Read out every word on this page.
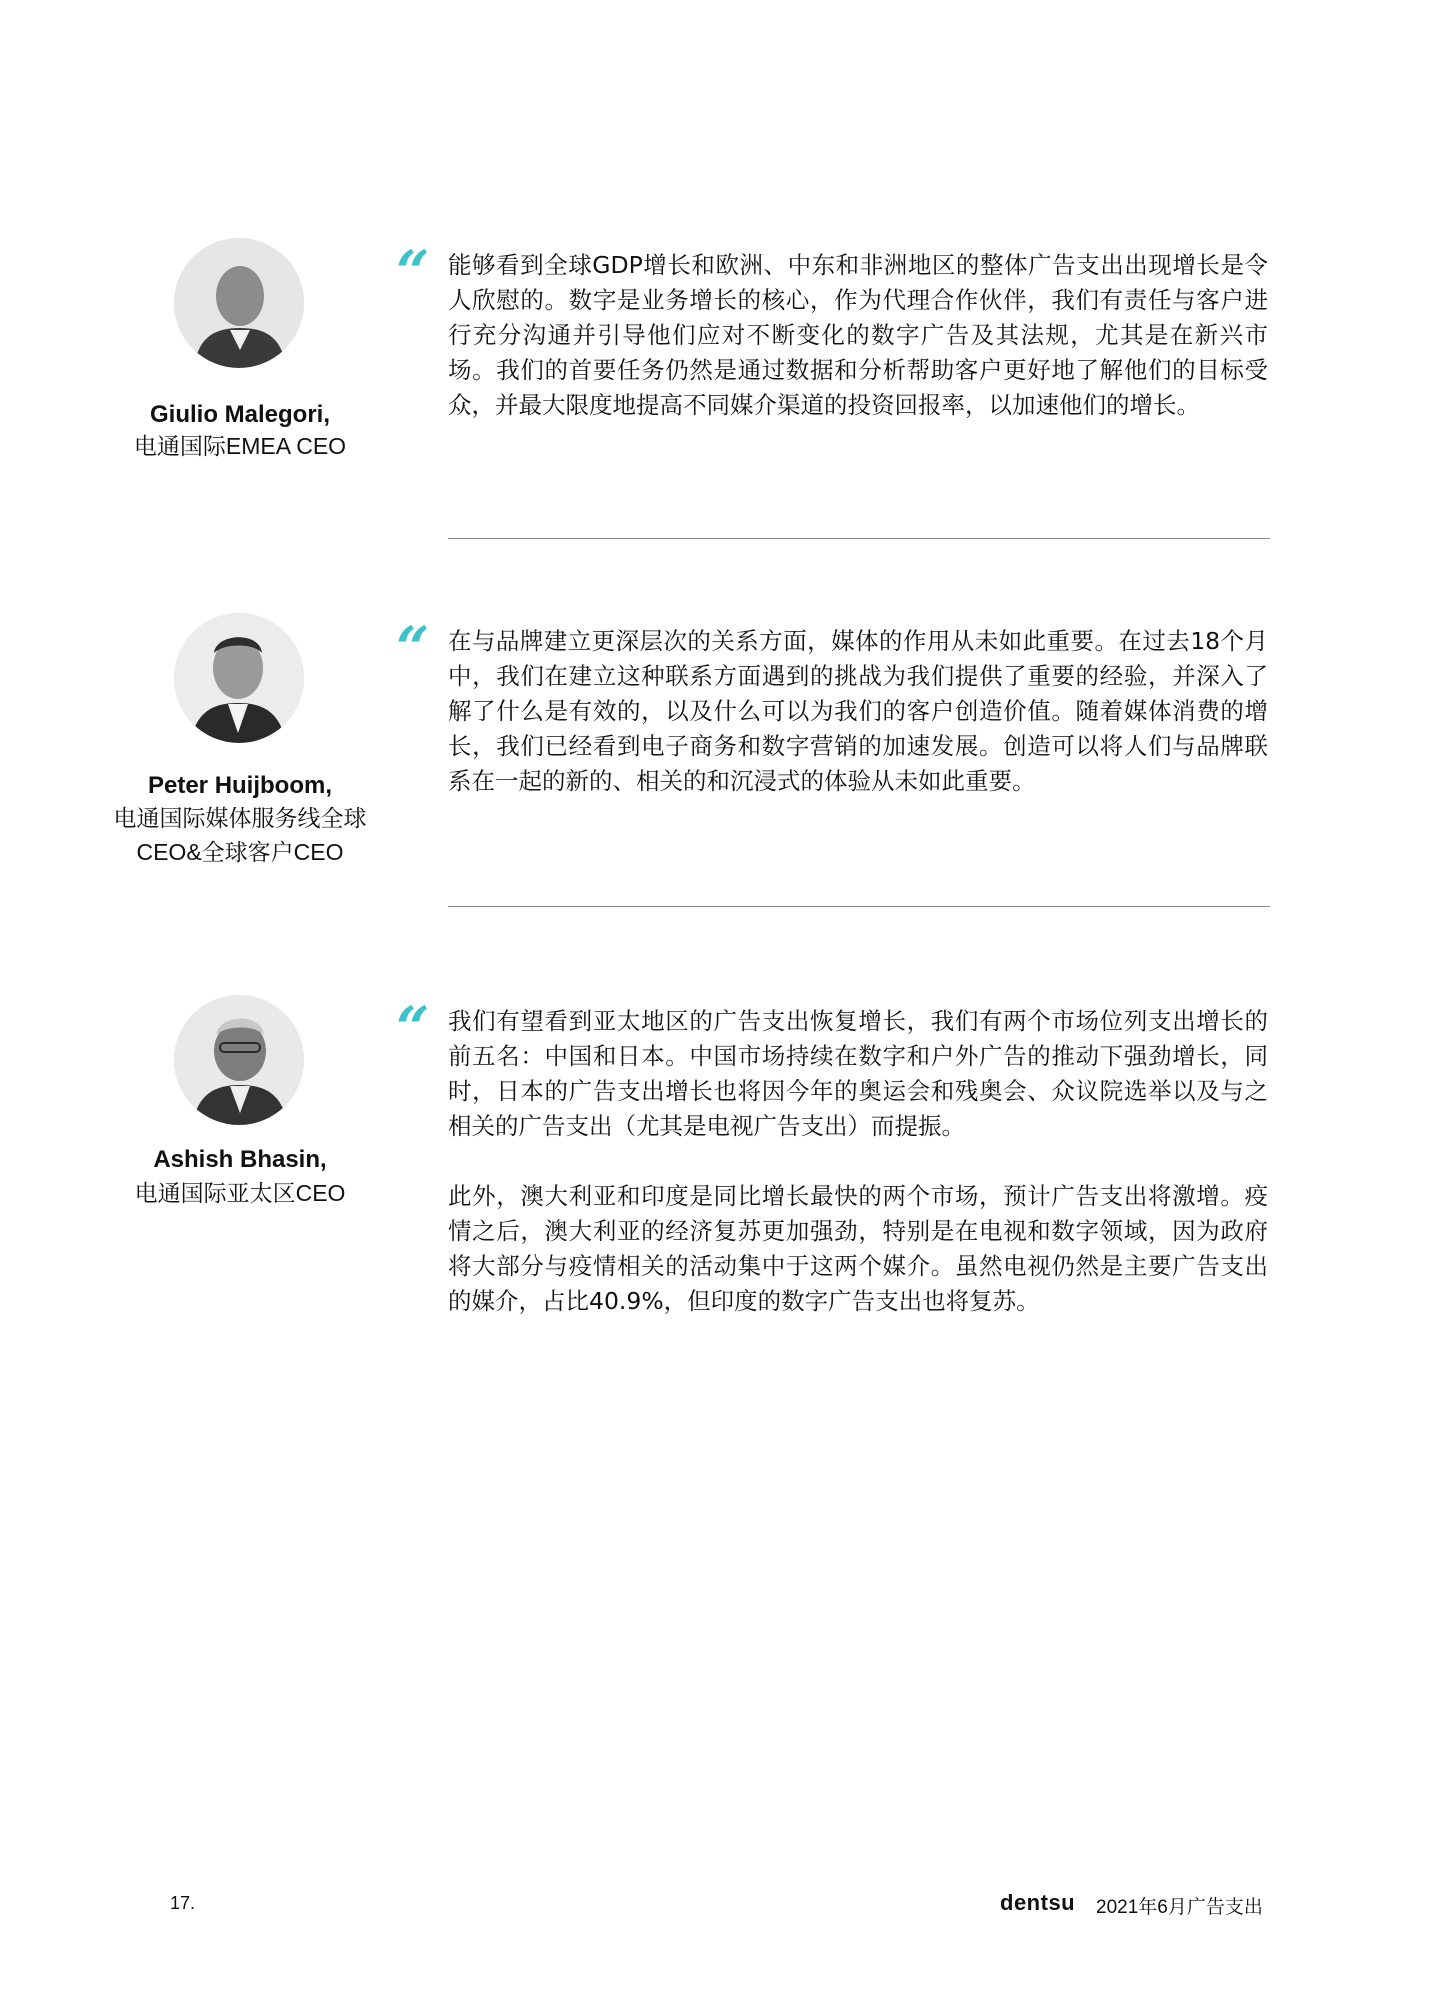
Giulio Malegori,
电通国际EMEA CEO
“ 能够看到全球GDP增长和欧洲、中东和非洲地区的整体广告支出出现增长是令人欣慰的。数字是业务增长的核心，作为代理合作伙伴，我们有责任与客户进行充分沟通并引导他们应对不断变化的数字广告及其法规，尤其是在新兴市场。我们的首要任务仍然是通过数据和分析帮助客户更好地了解他们的目标受众，并最大限度地提高不同媒介渠道的投资回报率，以加速他们的增长。

Peter Huijboom,
电通国际媒体服务线全球
CEO&全球客户CEO
“ 在与品牌建立更深层次的关系方面，媒体的作用从未如此重要。在过去18个月中，我们在建立这种联系方面遇到的挑战为我们提供了重要的经验，并深入了解了什么是有效的，以及什么可以为我们的客户创造价值。随着媒体消费的增长，我们已经看到电子商务和数字营销的加速发展。创造可以将人们与品牌联系在一起的新的、相关的和沉浸式的体验从未如此重要。

Ashish Bhasin,
电通国际亚太区CEO
“ 我们有望看到亚太地区的广告支出恢复增长，我们有两个市场位列支出增长的前五名：中国和日本。中国市场持续在数字和户外广告的推动下强劲增长，同时，日本的广告支出增长也将因今年的奥运会和残奥会、众议院选举以及与之相关的广告支出（尤其是电视广告支出）而提振。

此外，澳大利亚和印度是同比增长最快的两个市场，预计广告支出将激增。疫情之后，澳大利亚的经济复苏更加强劲，特别是在电视和数字领域，因为政府将大部分与疫情相关的活动集中于这两个媒介。虽然电视仍然是主要广告支出的媒介，占比40.9%，但印度的数字广告支出也将复苏。

17.	dentsu 2021年6月广告支出
